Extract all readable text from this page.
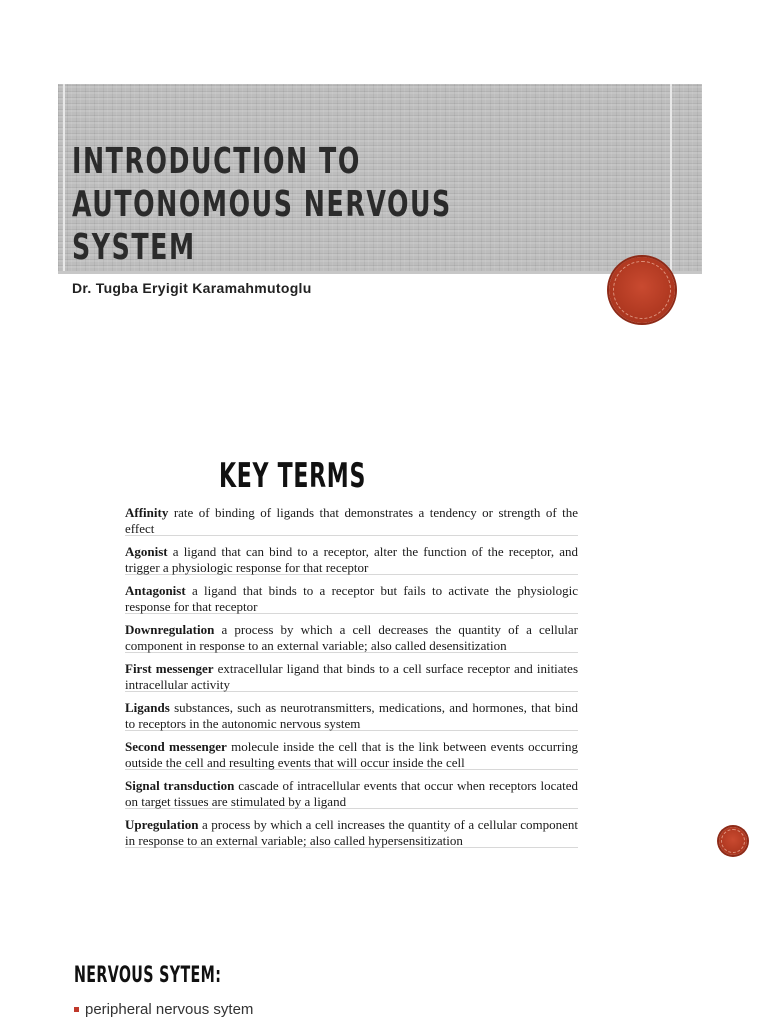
INTRODUCTION TO AUTONOMOUS NERVOUS SYSTEM
Dr. Tugba Eryigit Karamahmutoglu
KEY TERMS
Affinity rate of binding of ligands that demonstrates a tendency or strength of the effect
Agonist a ligand that can bind to a receptor, alter the function of the receptor, and trigger a physiologic response for that receptor
Antagonist a ligand that binds to a receptor but fails to activate the physiologic response for that receptor
Downregulation a process by which a cell decreases the quantity of a cellular component in response to an external variable; also called desensitization
First messenger extracellular ligand that binds to a cell surface receptor and initiates intracellular activity
Ligands substances, such as neurotransmitters, medications, and hormones, that bind to receptors in the autonomic nervous system
Second messenger molecule inside the cell that is the link between events occurring outside the cell and resulting events that will occur inside the cell
Signal transduction cascade of intracellular events that occur when receptors located on target tissues are stimulated by a ligand
Upregulation a process by which a cell increases the quantity of a cellular component in response to an external variable; also called hypersensitization
NERVOUS SYTEM:
peripheral nervous sytem
